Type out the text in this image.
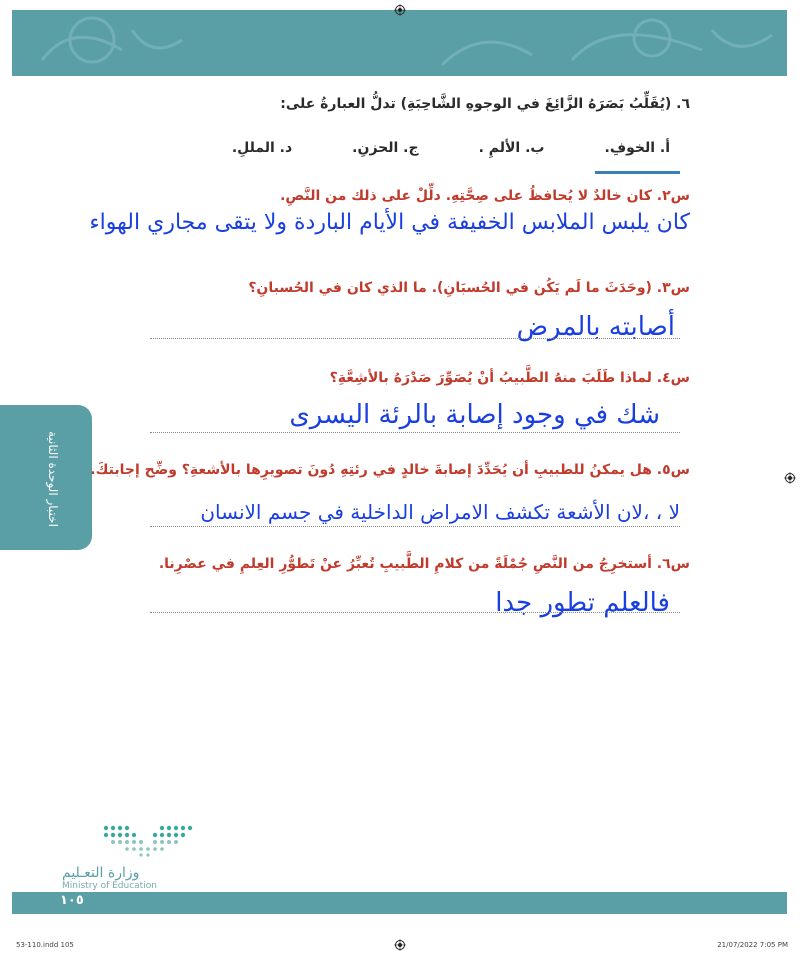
اختبار الوحدة الثانية
٦. (يُقَلِّبُ بَصَرَهُ الزَّائِغَ في الوجوهِ الشَّاحِبَةِ) تدلُّ العبارةُ على:
أ. الخوفِ.
ب. الألمِ .
ج. الحزنِ.
د. المللِ.
س٢. كان خالدٌ لا يُحافظُ على صِحَّتِهِ. دلِّلْ على ذلك من النَّصِ.
كان يلبس الملابس الخفيفة في الأيام الباردة ولا يتقى مجاري الهواء
س٣. (وحَدَثَ ما لَم يَكُن في الحُسبَانِ). ما الذي كان في الحُسبانِ؟
أصابته بالمرض
س٤. لماذا طَلَبَ منهُ الطَّبيبُ أنْ يُصَوِّرَ صَدْرَهُ بالأشِعَّةِ؟
شك في وجود إصابة بالرئة اليسرى
س٥. هل يمكنُ للطبيبِ أن يُحَدِّدَ إصابةَ خالدٍ في رئتِهِ دُونَ تصويرِها بالأشعةِ؟ وضِّح إجابتكَ.
لا ، ،لان الأشعة تكشف الامراض الداخلية في جسم الانسان
س٦. أستخرِجُ من النَّصِ جُمْلَةً من كلامِ الطَّبيبِ تُعبِّرُ عنْ تَطوُّرِ العِلمِ في عصْرِنا.
فالعلم تطور جدا
وزارة التعـليم
Ministry of Education
١٠٥
53-110.indd 105	21/07/2022 7:05 PM
